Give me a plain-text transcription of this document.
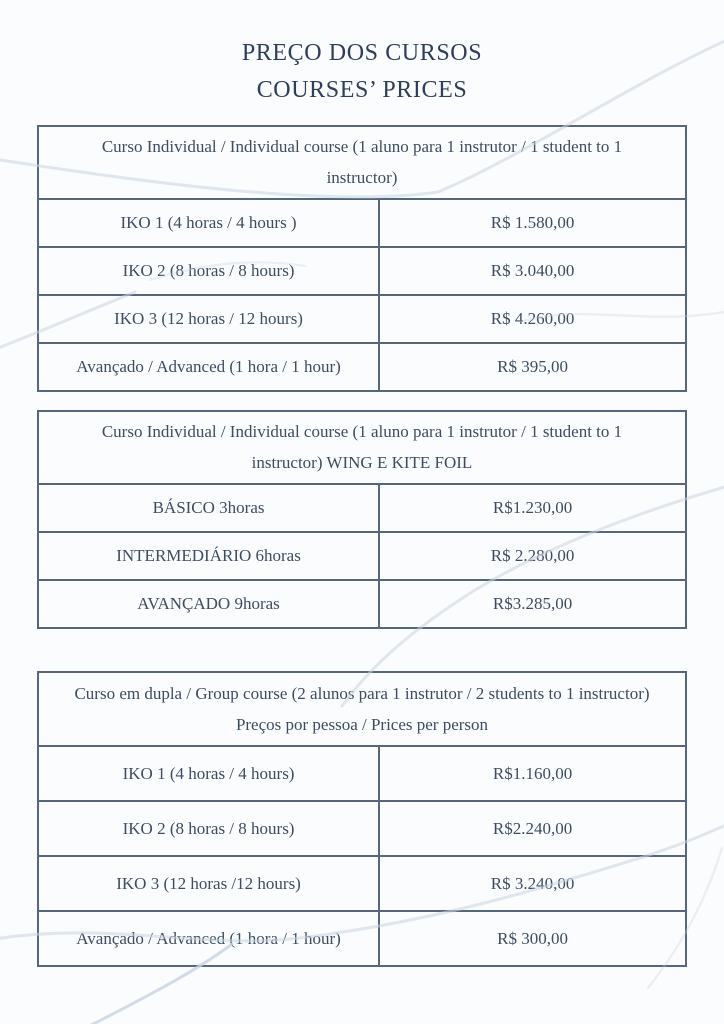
PREÇO DOS CURSOS
COURSES’ PRICES
Curso Individual / Individual course (1 aluno para 1 instrutor / 1 student to 1 instructor)
IKO 1 (4 horas / 4 hours )	R$ 1.580,00
IKO 2 (8 horas / 8 hours)	R$ 3.040,00
IKO 3 (12 horas / 12 hours)	R$ 4.260,00
Avançado / Advanced (1 hora / 1 hour)	R$ 395,00
Curso Individual / Individual course (1 aluno para 1 instrutor / 1 student to 1 instructor) WING E KITE FOIL
BÁSICO 3horas	R$1.230,00
INTERMEDIÁRIO 6horas	R$ 2.280,00
AVANÇADO 9horas	R$3.285,00
Curso em dupla / Group course (2 alunos para 1 instrutor / 2 students to 1 instructor) Preços por pessoa / Prices per person
IKO 1 (4 horas / 4 hours)	R$1.160,00
IKO 2 (8 horas / 8 hours)	R$2.240,00
IKO 3 (12 horas /12 hours)	R$ 3.240,00
Avançado / Advanced (1 hora / 1 hour)	R$ 300,00
